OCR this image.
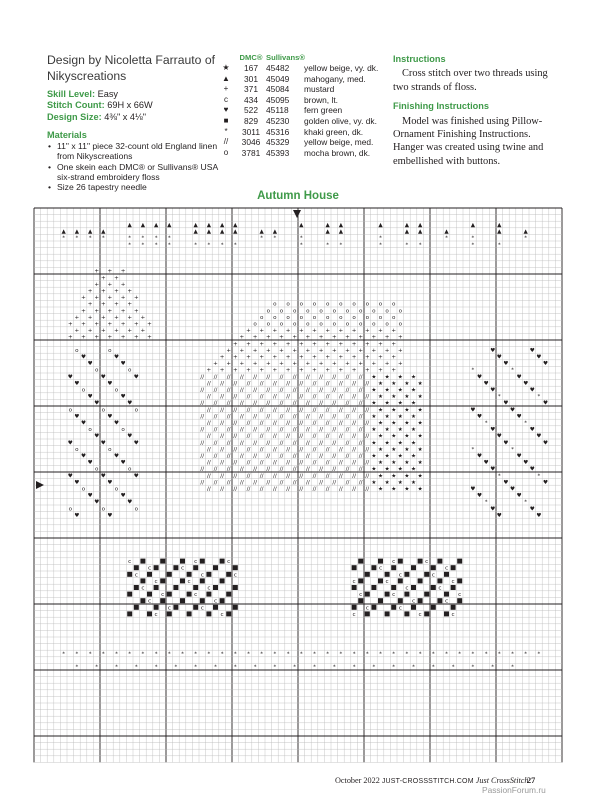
Design by Nicoletta Farrauto of
Nikyscreations
Skill Level: Easy
Stitch Count: 69H x 66W
Design Size: 4⅜" x 4⅛"
Materials
• 11" x 11" piece 32-count old England linen from Nikyscreations
• One skein each DMC® or Sullivans® USA six-strand embroidery floss
• Size 26 tapestry needle
DMC® Sullivans®
★	167 45482	yellow beige, vy. dk.
▲	301 45049	mahogany, med.
+	371 45084	mustard
c	434 45095	brown, lt.
♥	522 45118	fern green
■	829 45230	golden olive, vy. dk.
*	3011 45316	khaki green, dk.
//	3046 45329	yellow beige, med.
o	3781 45393	mocha brown, dk.
Instructions

Cross stitch over two threads using two strands of floss.

Finishing Instructions

Model was finished using Pillow-Ornament Finishing Instructions. Hanger was created using twine and embellished with buttons.

Autumn House
▲ ▲ ▲ ▲	▲ ▲ ▲ ▲	▲	▲ ▲	▲	▲ ▲	▲	▲
▲ ▲ ▲ ▲	▲ ▲ ▲ ▲	▲ ▲	▲ ▲	▲ ▲	▲	▲	▲
* * * *	* * * *	* *	*	*	*	*	*
* * * *	* * * *	*	* *	*	* *	*	*
+ + +
+ +
+ + +
+ + + +
+ + + + +
+ + + +
+ + + + +
+ + + + + +
+ + + + + + +
+ + + + + +
+ + + + + + +
o	o
♥	♥
♥	♥
o	o
♥	♥	♥
♥	♥
o	o
♥	♥
♥	♥
o	o	o
♥	♥
♥	♥
o	o
♥	♥
♥	♥	♥
o	o
♥	♥
♥	♥
o	o
♥	♥	♥
♥	♥
o	o
♥	♥
♥	♥
o	o	o
♥	♥
♥	♥
♥	♥
♥	♥
*	*
♥	♥
♥	♥
♥	♥
*	*
♥	♥
♥	♥
♥	♥
*	*
♥	♥
♥	♥
♥	♥
*	*
♥	♥
♥	♥
♥	♥
*	*
♥	♥
♥	♥
♥	♥
*	*
♥	♥
♥	♥
o o o o o o o o o o
o o o o o o o o o o o
o o o o o o o o o o o
o o o o o o o o o o o o
+ + + + + + + + + + + +
+ + + + + + + + + + + + +
+ + + + + + + + + + + + +
+ + + + + + + + + + + + + +
+ + + + + + + + + + + + + +
+ + + + + + + + + + + + + + +
+ + + + + + + + + + + + + + +
// // // // // // // // // // // // // ★ ★ ★ ★
// // // // // // // // // // // // // ★ ★ ★ ★
// // // // // // // // // // // // // ★ ★ ★ ★
// // // // // // // // // // // // // ★ ★ ★ ★
// // // // // // // // // // // // // ★ ★ ★ ★
// // // // // // // // // // // // // ★ ★ ★ ★
// // // // // // // // // // // // // ★ ★ ★ ★
// // // // // // // // // // // // // ★ ★ ★ ★
// // // // // // // // // // // // // ★ ★ ★ ★
// // // // // // // // // // // // // ★ ★ ★ ★
// // // // // // // // // // // // // ★ ★ ★ ★
// // // // // // // // // // // // // ★ ★ ★ ★
// // // // // // // // // // // // // ★ ★ ★ ★
// // // // // // // // // // // // // ★ ★ ★ ★
// // // // // // // // // // // // // ★ ★ ★ ★
// // // // // // // // // // // // // ★ ★ ★ ★
// // // // // // // // // // // // // ★ ★ ★ ★
// // // // // // // // // // // // // ★ ★ ★ ★
c	c	c
c	c
c	c	c
c	c
c	c
c	c
c	c
c	c
c	c
c	c
c	c
c	c
c	c	c
c	c
c	c	c
c	c
c	c
c	c	c
* * * * * * * * * * * * * * * * * * * * * * * * * * * * * * * * * * * * *
*	*	*	*	*	*	*	*	*	*	*	*	*	*	*	*	*	*	*	*	*	*	*
October 2022 JUST-CROSSSTITCH.COM Just CrossStitch
27
PassionForum.ru
